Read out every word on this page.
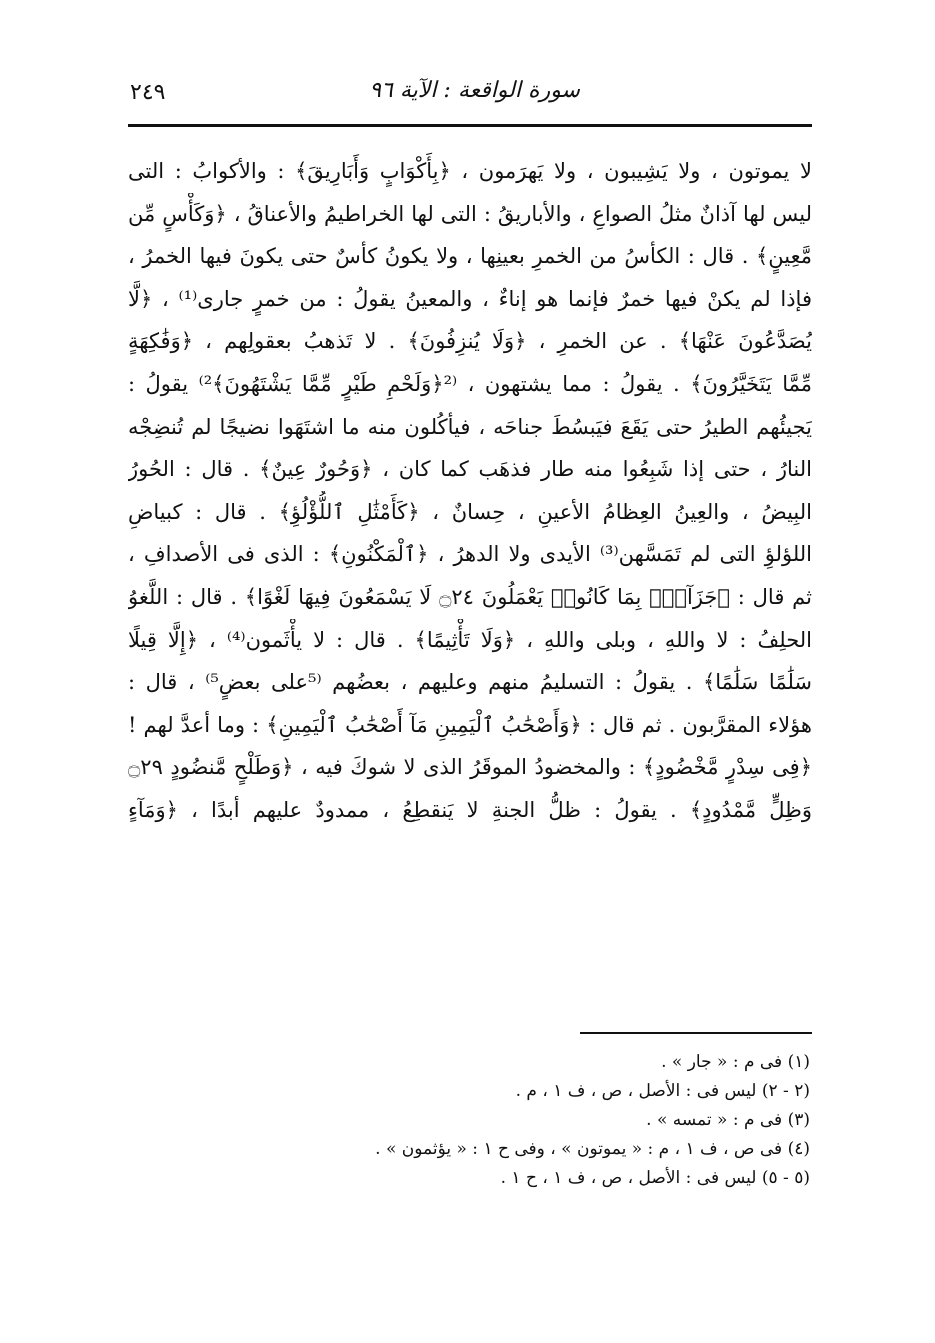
سورة الواقعة : الآية ٩٦
٢٤٩
لا يموتون ، ولا يَشِيبون ، ولا يَهرَمون ، ﴿بِأَكْوَابٍ وَأَبَارِيقَ﴾ : والأكوابُ : التى
ليس لها آذانٌ مثلُ الصواعِ ، والأباريقُ : التى لها الخراطيمُ والأعناقُ ، ﴿وَكَأْسٍ مِّن
مَّعِينٍ﴾ . قال : الكأسُ من الخمرِ بعينِها ، ولا يكونُ كأسٌ حتى يكونَ فيها الخمرُ ،
فإذا لم يكنْ فيها خمرٌ فإنما هو إناءٌ ، والمعينُ يقولُ : من خمرٍ جارى⁽¹⁾ ، ﴿لَّا
يُصَدَّعُونَ عَنْهَا﴾ . عن الخمرِ ، ﴿وَلَا يُنزِفُونَ﴾ . لا تَذهبُ بعقولِهم ، ﴿وَفَٰكِهَةٍ
مِّمَّا يَتَخَيَّرُونَ﴾ . يقولُ : مما يشتهون ، ⁽²﴿وَلَحْمِ طَيْرٍ مِّمَّا يَشْتَهُونَ﴾²⁾ يقولُ :
يَجيئُهم الطيرُ حتى يَقَعَ فيَبسُطَ جناحَه ، فيأكُلون منه ما اشتَهَوا نضيجًا لم تُنضِجْه
النارُ ، حتى إذا شَبِعُوا منه طار فذهَب كما كان ، ﴿وَحُورٌ عِينٌ﴾ . قال : الحُورُ
البِيضُ ، والعِينُ العِظامُ الأعينِ ، حِسانٌ ، ﴿كَأَمْثَٰلِ ٱللُّؤْلُؤِ﴾ . قال : كبياضِ
اللؤلؤِ التى لم تَمَسَّهن⁽³⁾ الأيدى ولا الدهرُ ، ﴿ٱلْمَكْنُونِ﴾ : الذى فى الأصدافِ ،
ثم قال : ﴿جَزَآءًۢ بِمَا كَانُوا۟ يَعْمَلُونَ ۝٢٤ لَا يَسْمَعُونَ فِيهَا لَغْوًا﴾ . قال : اللَّغوُ
الحلِفُ : لا واللهِ ، وبلى واللهِ ، ﴿وَلَا تَأْثِيمًا﴾ . قال : لا يأْثَمون⁽⁴⁾ ، ﴿إِلَّا قِيلًا
سَلَٰمًا سَلَٰمًا﴾ . يقولُ : التسليمُ منهم وعليهم ، بعضُهم ⁽⁵على بعضٍ⁵⁾ ، قال :
هؤلاء المقرَّبون . ثم قال : ﴿وَأَصْحَٰبُ ٱلْيَمِينِ مَآ أَصْحَٰبُ ٱلْيَمِينِ﴾ : وما أعدَّ لهم !
﴿فِى سِدْرٍ مَّخْضُودٍ﴾ : والمخضودُ الموقَرُ الذى لا شوكَ فيه ، ﴿وَطَلْحٍ مَّنضُودٍ ۝٢٩
وَظِلٍّ مَّمْدُودٍ﴾ . يقولُ : ظلُّ الجنةِ لا يَنقطِعُ ، ممدودٌ عليهم أبدًا ، ﴿وَمَآءٍ
(١) فى م : « جار » .
(٢ - ٢) ليس فى : الأصل ، ص ، ف ١ ، م .
(٣) فى م : « تمسه » .
(٤) فى ص ، ف ١ ، م : « يموتون » ، وفى ح ١ : « يؤثمون » .
(٥ - ٥) ليس فى : الأصل ، ص ، ف ١ ، ح ١ .
